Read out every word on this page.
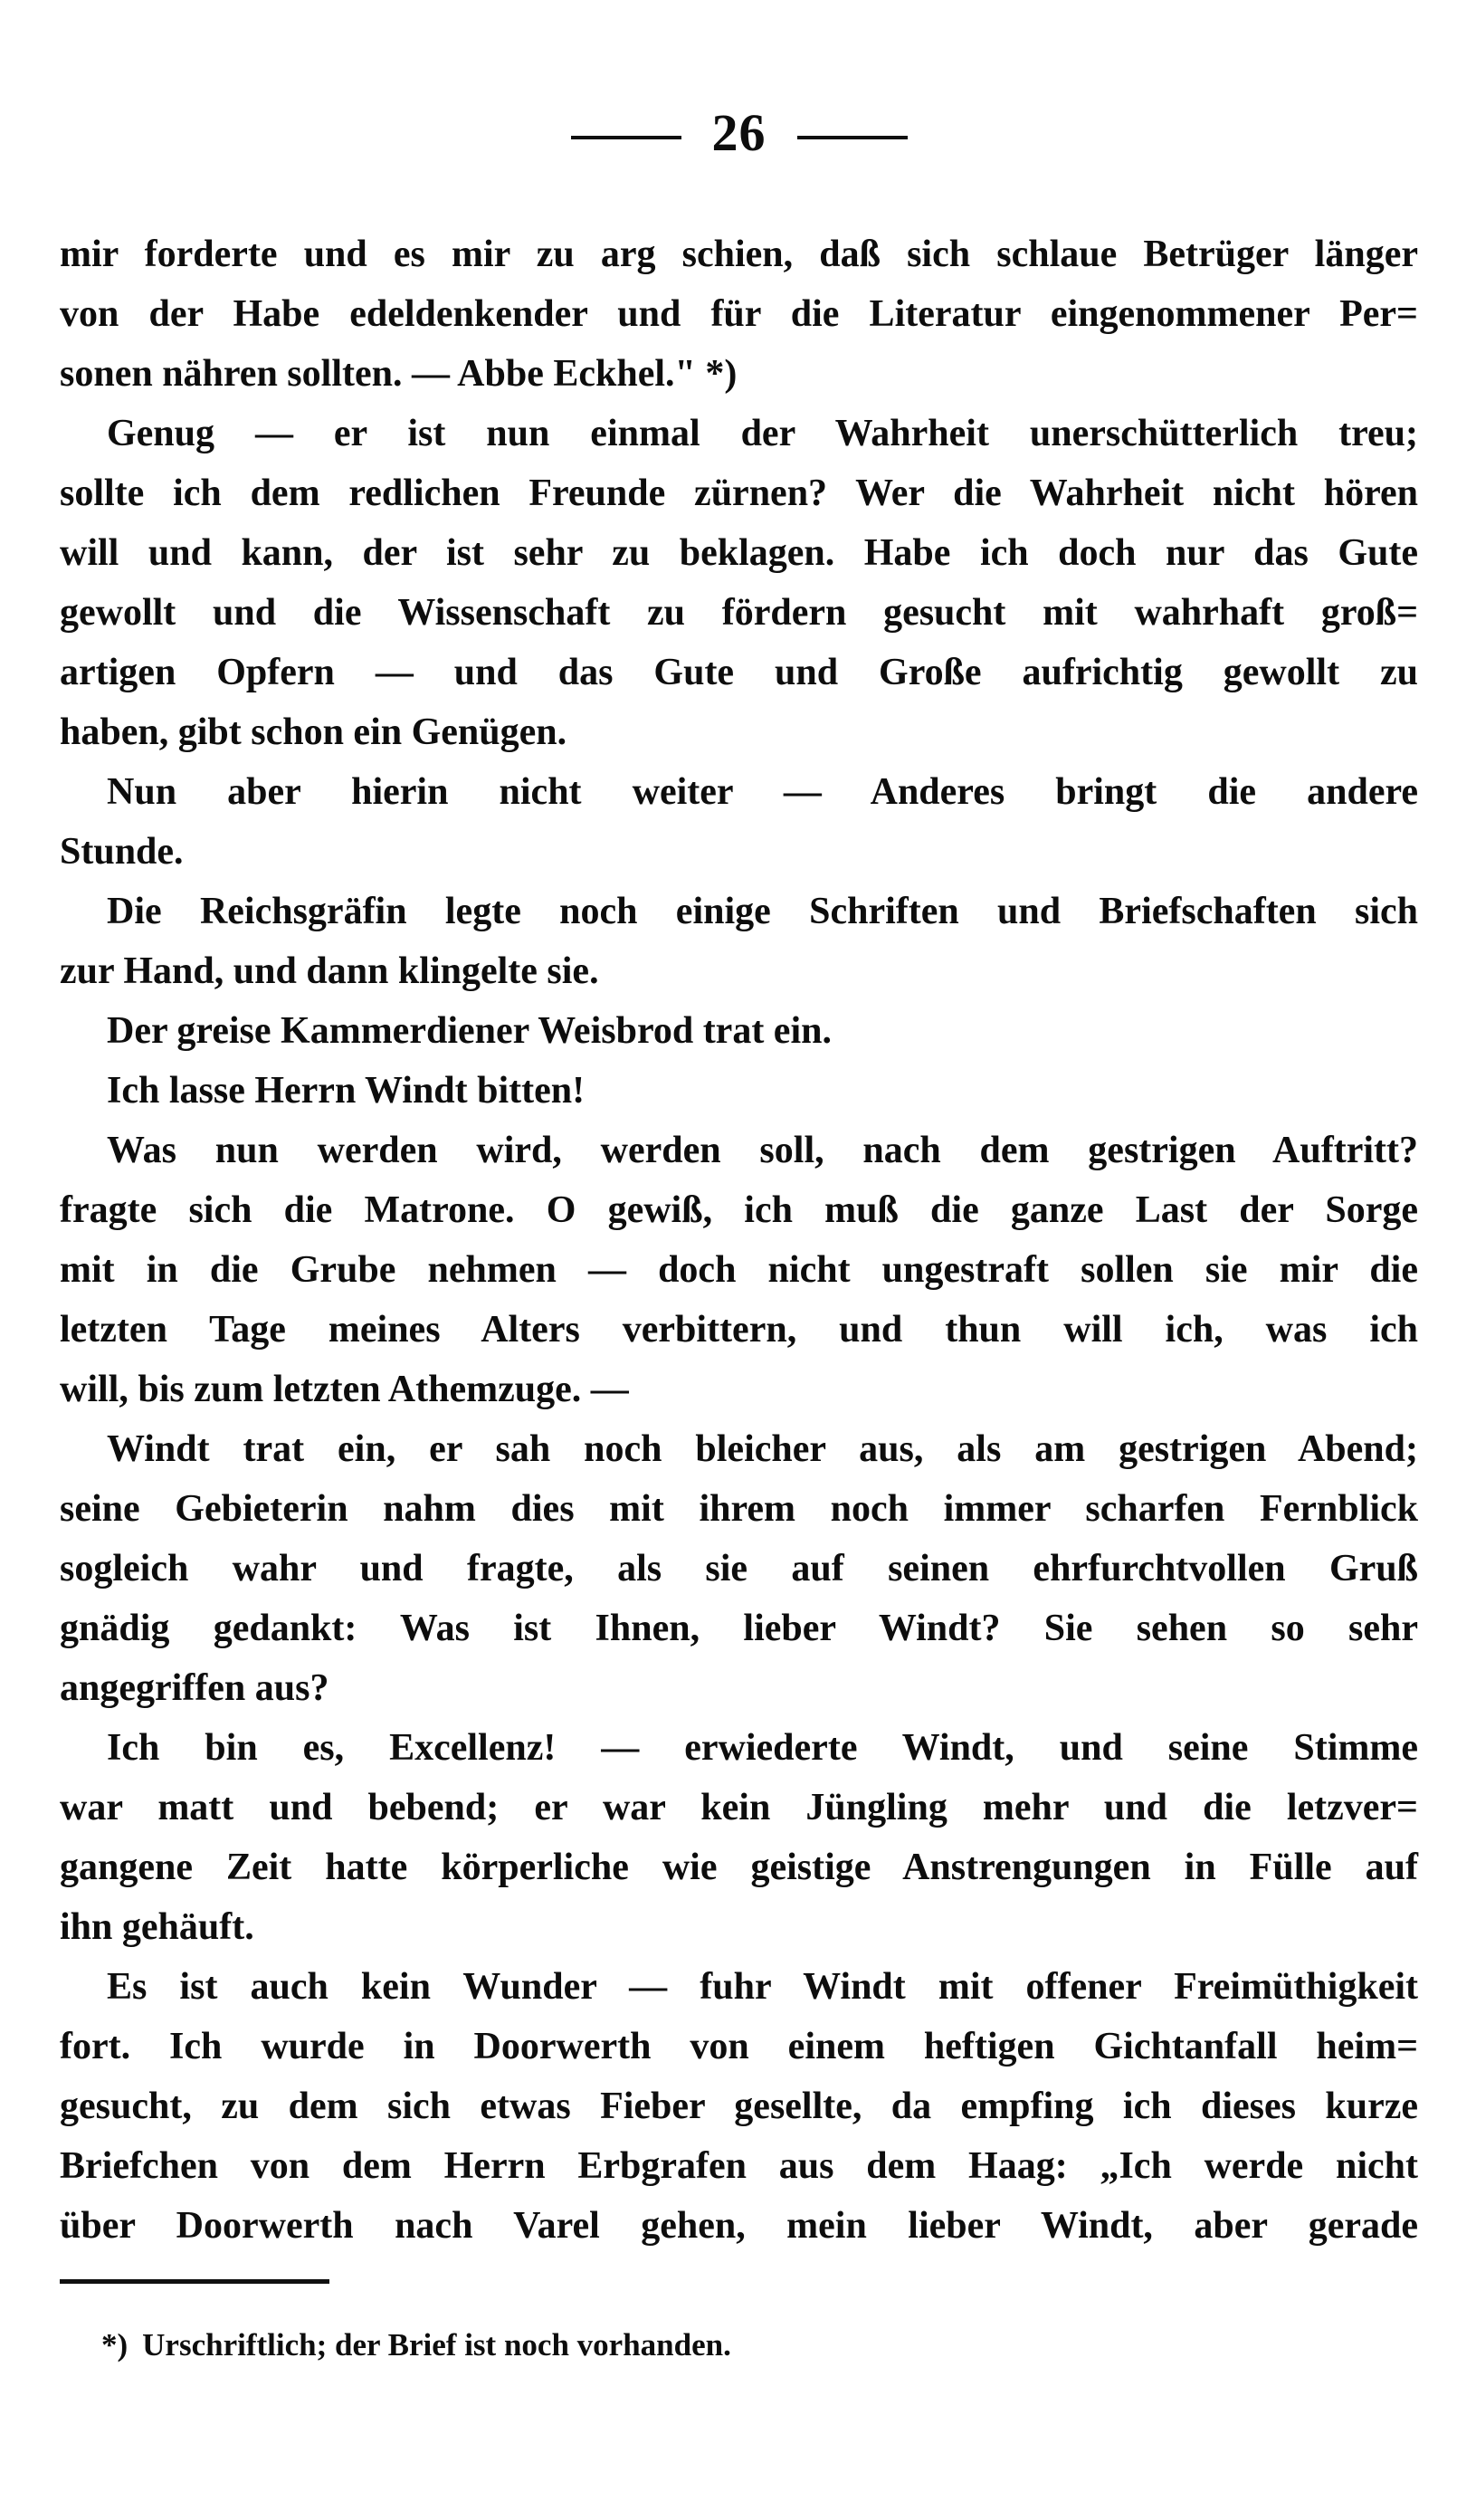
26
mir forderte und es mir zu arg schien, daß sich schlaue Betrüger länger
von der Habe edeldenkender und für die Literatur eingenommener Per=
sonen nähren sollten. — Abbe Eckhel." *)
Genug — er ist nun einmal der Wahrheit unerschütterlich treu;
sollte ich dem redlichen Freunde zürnen? Wer die Wahrheit nicht hören
will und kann, der ist sehr zu beklagen. Habe ich doch nur das Gute
gewollt und die Wissenschaft zu fördern gesucht mit wahrhaft groß=
artigen Opfern — und das Gute und Große aufrichtig gewollt zu
haben, gibt schon ein Genügen.
Nun aber hierin nicht weiter — Anderes bringt die andere
Stunde.
Die Reichsgräfin legte noch einige Schriften und Briefschaften sich
zur Hand, und dann klingelte sie.
Der greise Kammerdiener Weisbrod trat ein.
Ich lasse Herrn Windt bitten!
Was nun werden wird, werden soll, nach dem gestrigen Auftritt?
fragte sich die Matrone. O gewiß, ich muß die ganze Last der Sorge
mit in die Grube nehmen — doch nicht ungestraft sollen sie mir die
letzten Tage meines Alters verbittern, und thun will ich, was ich
will, bis zum letzten Athemzuge. —
Windt trat ein, er sah noch bleicher aus, als am gestrigen Abend;
seine Gebieterin nahm dies mit ihrem noch immer scharfen Fernblick
sogleich wahr und fragte, als sie auf seinen ehrfurchtvollen Gruß
gnädig gedankt: Was ist Ihnen, lieber Windt? Sie sehen so sehr
angegriffen aus?
Ich bin es, Excellenz! — erwiederte Windt, und seine Stimme
war matt und bebend; er war kein Jüngling mehr und die letzver=
gangene Zeit hatte körperliche wie geistige Anstrengungen in Fülle auf
ihn gehäuft.
Es ist auch kein Wunder — fuhr Windt mit offener Freimüthigkeit
fort. Ich wurde in Doorwerth von einem heftigen Gichtanfall heim=
gesucht, zu dem sich etwas Fieber gesellte, da empfing ich dieses kurze
Briefchen von dem Herrn Erbgrafen aus dem Haag: „Ich werde nicht
über Doorwerth nach Varel gehen, mein lieber Windt, aber gerade
*) Urschriftlich; der Brief ist noch vorhanden.
